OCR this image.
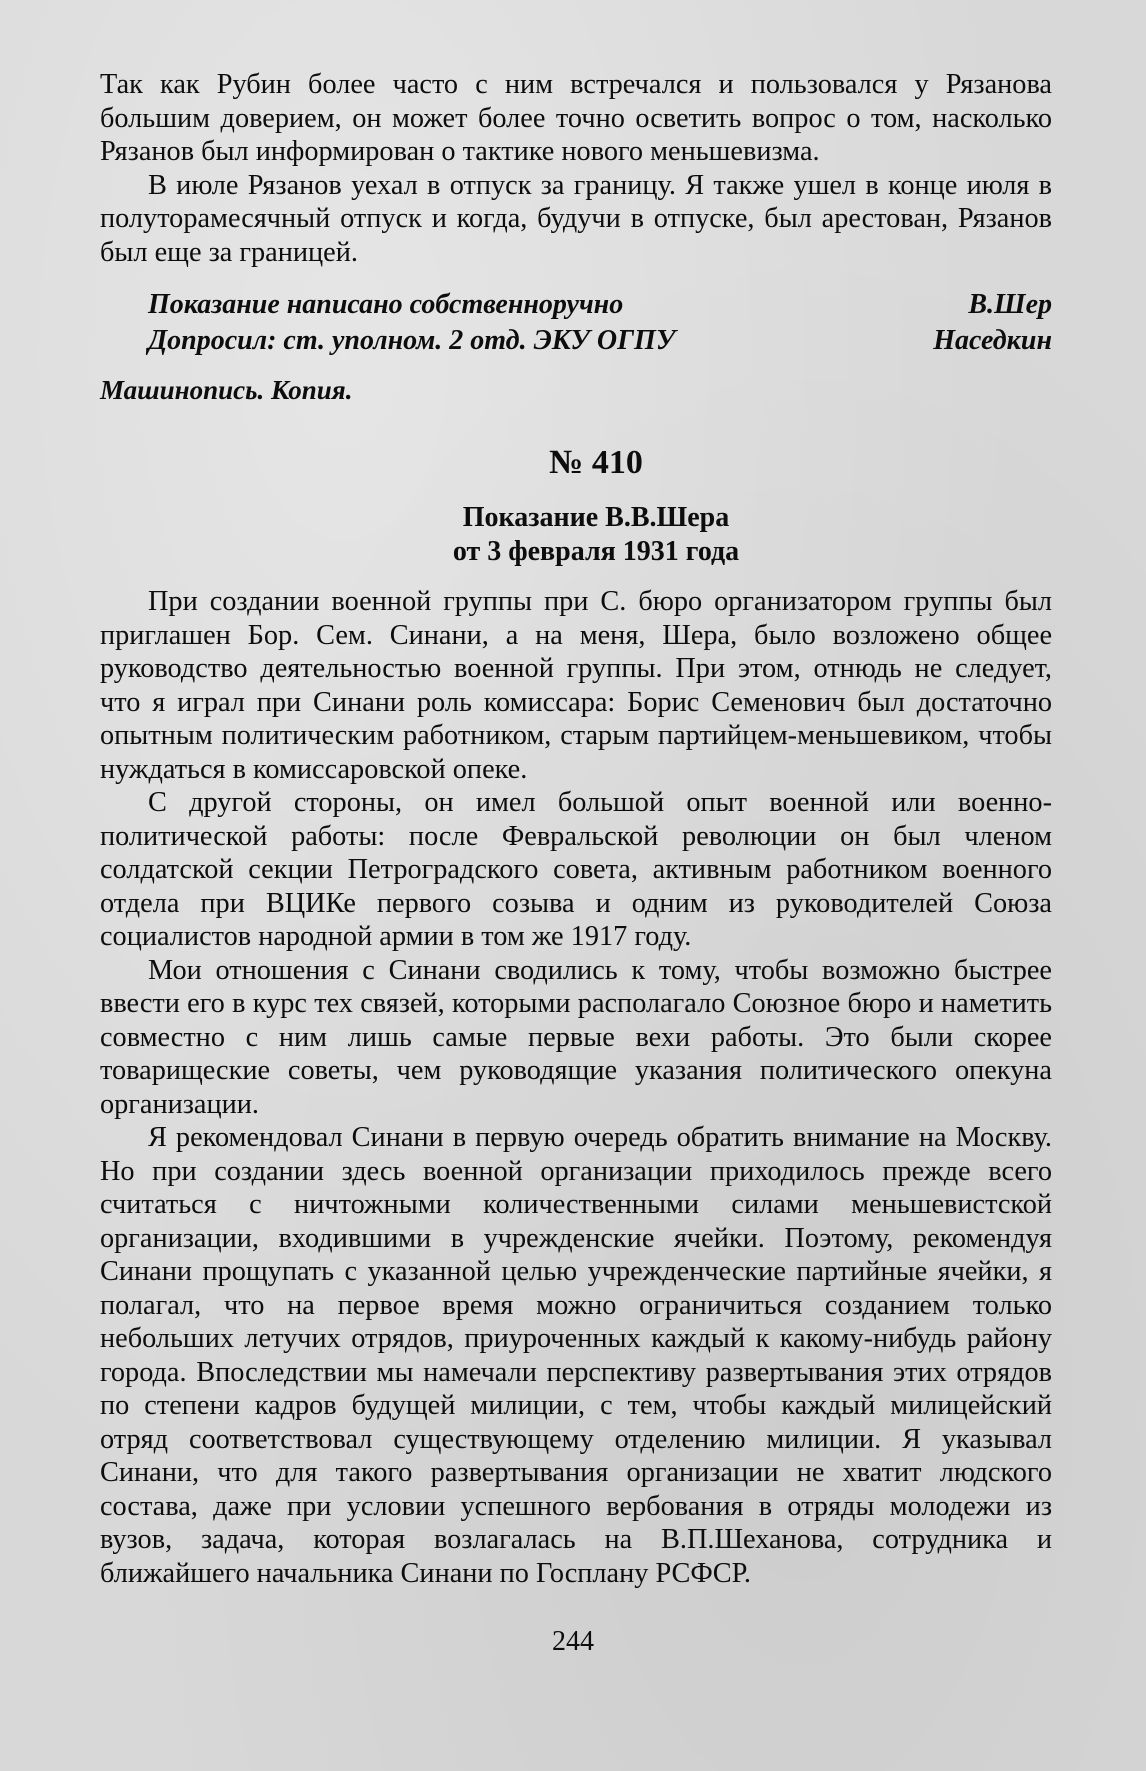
Так как Рубин более часто с ним встречался и пользовался у Рязанова большим доверием, он может более точно осветить вопрос о том, насколько Рязанов был информирован о тактике нового меньшевизма.

В июле Рязанов уехал в отпуск за границу. Я также ушел в конце июля в полуторамесячный отпуск и когда, будучи в отпуске, был арестован, Рязанов был еще за границей.

Показание написано собственноручно	В.Шер
Допросил: ст. уполном. 2 отд. ЭКУ ОГПУ	Наседкин
Машинопись. Копия.
№ 410
Показание В.В.Шера
от 3 февраля 1931 года

При создании военной группы при С. бюро организатором группы был приглашен Бор. Сем. Синани, а на меня, Шера, было возложено общее руководство деятельностью военной группы. При этом, отнюдь не следует, что я играл при Синани роль комиссара: Борис Семенович был достаточно опытным политическим работником, старым партийцем-меньшевиком, чтобы нуждаться в комиссаровской опеке.

С другой стороны, он имел большой опыт военной или военно-политической работы: после Февральской революции он был членом солдатской секции Петроградского совета, активным работником военного отдела при ВЦИКе первого созыва и одним из руководителей Союза социалистов народной армии в том же 1917 году.

Мои отношения с Синани сводились к тому, чтобы возможно быстрее ввести его в курс тех связей, которыми располагало Союзное бюро и наметить совместно с ним лишь самые первые вехи работы. Это были скорее товарищеские советы, чем руководящие указания политического опекуна организации.

Я рекомендовал Синани в первую очередь обратить внимание на Москву. Но при создании здесь военной организации приходилось прежде всего считаться с ничтожными количественными силами меньшевистской организации, входившими в учрежденские ячейки. Поэтому, рекомендуя Синани прощупать с указанной целью учрежденческие партийные ячейки, я полагал, что на первое время можно ограничиться созданием только небольших летучих отрядов, приуроченных каждый к какому-нибудь району города. Впоследствии мы намечали перспективу развертывания этих отрядов по степени кадров будущей милиции, с тем, чтобы каждый милицейский отряд соответствовал существующему отделению милиции. Я указывал Синани, что для такого развертывания организации не хватит людского состава, даже при условии успешного вербования в отряды молодежи из вузов, задача, которая возлагалась на В.П.Шеханова, сотрудника и ближайшего начальника Синани по Госплану РСФСР.

244
